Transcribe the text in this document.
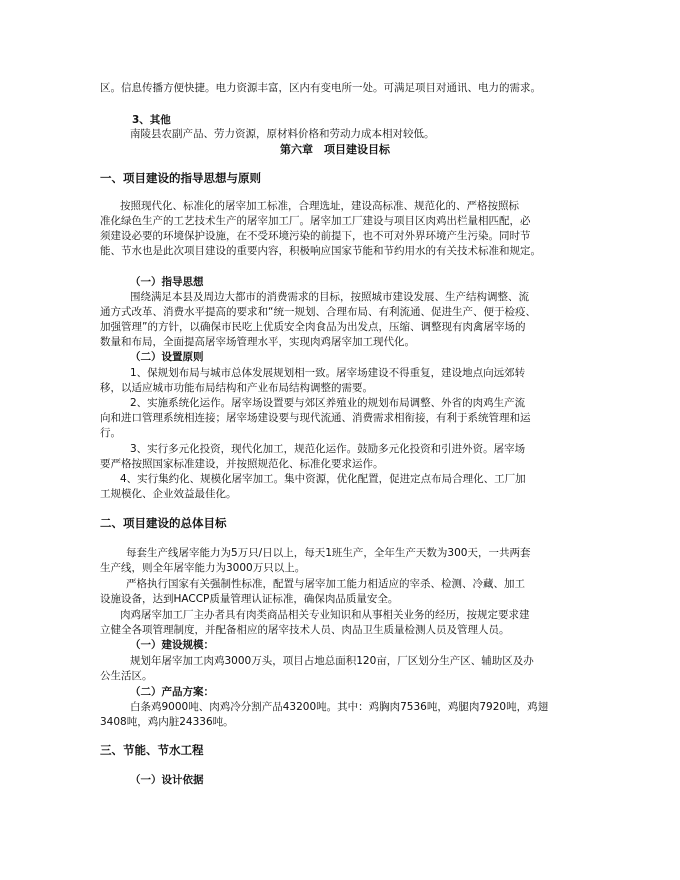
区。信息传播方便快捷。电力资源丰富，区内有变电所一处。可满足项目对通讯、电力的需求。
3、其他
南陵县农副产品、劳力资源，原材料价格和劳动力成本相对较低。
第六章　项目建设目标
一、项目建设的指导思想与原则
按照现代化、标准化的屠宰加工标准，合理选址，建设高标准、规范化的、严格按照标
准化绿色生产的工艺技术生产的屠宰加工厂。屠宰加工厂建设与项目区肉鸡出栏量相匹配，必
须建设必要的环境保护设施，在不受环境污染的前提下，也不可对外界环境产生污染。同时节
能、节水也是此次项目建设的重要内容，积极响应国家节能和节约用水的有关技术标准和规定。
（一）指导思想
围绕满足本县及周边大都市的消费需求的目标，按照城市建设发展、生产结构调整、流
通方式改革、消费水平提高的要求和“统一规划、合理布局、有利流通、促进生产、便于检疫、
加强管理”的方针，以确保市民吃上优质安全肉食品为出发点，压缩、调整现有肉禽屠宰场的
数量和布局，全面提高屠宰场管理水平，实现肉鸡屠宰加工现代化。
（二）设置原则
1、保规划布局与城市总体发展规划相一致。屠宰场建设不得重复，建设地点向远郊转
移，以适应城市功能布局结构和产业布局结构调整的需要。
2、实施系统化运作。屠宰场设置要与郊区养殖业的规划布局调整、外省的肉鸡生产流
向和进口管理系统相连接；屠宰场建设要与现代流通、消费需求相衔接，有利于系统管理和运
行。
3、实行多元化投资，现代化加工，规范化运作。鼓励多元化投资和引进外资。屠宰场
要严格按照国家标准建设，并按照规范化、标准化要求运作。
4、实行集约化、规模化屠宰加工。集中资源，优化配置，促进定点布局合理化、工厂加
工规模化、企业效益最佳化。
二、项目建设的总体目标
每套生产线屠宰能力为5万只/日以上，每天1班生产，全年生产天数为300天，一共两套
生产线，则全年屠宰能力为3000万只以上。
严格执行国家有关强制性标准，配置与屠宰加工能力相适应的宰杀、检测、冷藏、加工
设施设备，达到HACCP质量管理认证标准，确保肉品质量安全。
肉鸡屠宰加工厂主办者具有肉类商品相关专业知识和从事相关业务的经历，按规定要求建
立健全各项管理制度，并配备相应的屠宰技术人员、肉品卫生质量检测人员及管理人员。
（一）建设规模：
规划年屠宰加工肉鸡3000万头，项目占地总面积120亩，厂区划分生产区、辅助区及办
公生活区。
（二）产品方案：
白条鸡9000吨、肉鸡冷分割产品43200吨。其中：鸡胸肉7536吨，鸡腿肉7920吨，鸡翅
3408吨，鸡内脏24336吨。
三、节能、节水工程
（一）设计依据
